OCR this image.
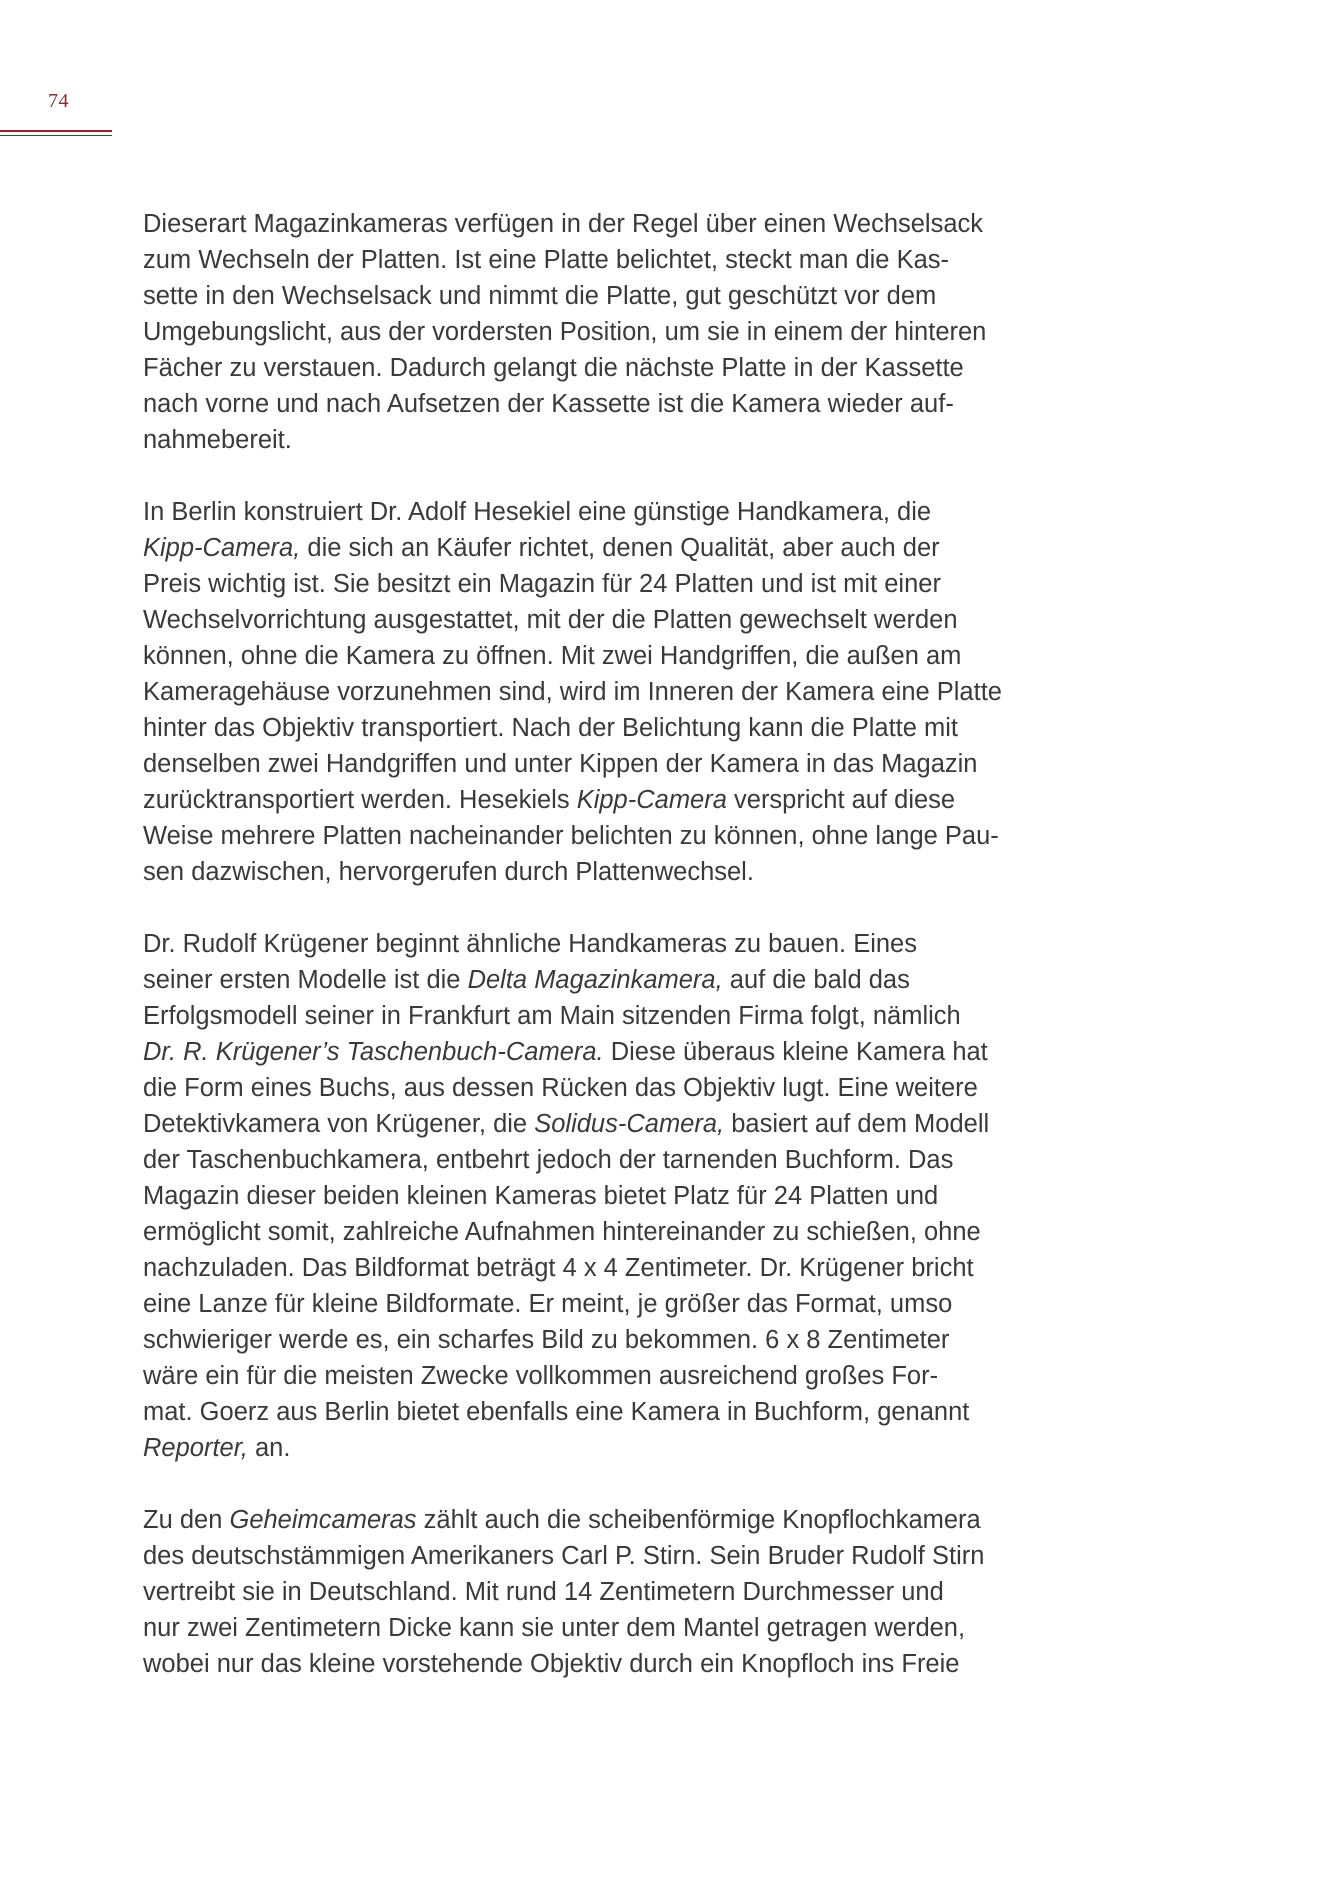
74
Dieserart Magazinkameras verfügen in der Regel über einen Wechselsack
zum Wechseln der Platten. Ist eine Platte belichtet, steckt man die Kas-
sette in den Wechselsack und nimmt die Platte, gut geschützt vor dem
Umgebungslicht, aus der vordersten Position, um sie in einem der hinteren
Fächer zu verstauen. Dadurch gelangt die nächste Platte in der Kassette
nach vorne und nach Aufsetzen der Kassette ist die Kamera wieder auf-
nahmebereit.
In Berlin konstruiert Dr. Adolf Hesekiel eine günstige Handkamera, die
Kipp-Camera, die sich an Käufer richtet, denen Qualität, aber auch der
Preis wichtig ist. Sie besitzt ein Magazin für 24 Platten und ist mit einer
Wechselvorrichtung ausgestattet, mit der die Platten gewechselt werden
können, ohne die Kamera zu öffnen. Mit zwei Handgriffen, die außen am
Kameragehäuse vorzunehmen sind, wird im Inneren der Kamera eine Platte
hinter das Objektiv transportiert. Nach der Belichtung kann die Platte mit
denselben zwei Handgriffen und unter Kippen der Kamera in das Magazin
zurücktransportiert werden. Hesekiels Kipp-Camera verspricht auf diese
Weise mehrere Platten nacheinander belichten zu können, ohne lange Pau-
sen dazwischen, hervorgerufen durch Plattenwechsel.
Dr. Rudolf Krügener beginnt ähnliche Handkameras zu bauen. Eines
seiner ersten Modelle ist die Delta Magazinkamera, auf die bald das
Erfolgsmodell seiner in Frankfurt am Main sitzenden Firma folgt, nämlich
Dr. R. Krügener’s Taschenbuch-Camera. Diese überaus kleine Kamera hat
die Form eines Buchs, aus dessen Rücken das Objektiv lugt. Eine weitere
Detektivkamera von Krügener, die Solidus-Camera, basiert auf dem Modell
der Taschenbuchkamera, entbehrt jedoch der tarnenden Buchform. Das
Magazin dieser beiden kleinen Kameras bietet Platz für 24 Platten und
ermöglicht somit, zahlreiche Aufnahmen hintereinander zu schießen, ohne
nachzuladen. Das Bildformat beträgt 4 x 4 Zentimeter. Dr. Krügener bricht
eine Lanze für kleine Bildformate. Er meint, je größer das Format, umso
schwieriger werde es, ein scharfes Bild zu bekommen. 6 x 8 Zentimeter
wäre ein für die meisten Zwecke vollkommen ausreichend großes For-
mat. Goerz aus Berlin bietet ebenfalls eine Kamera in Buchform, genannt
Reporter, an.
Zu den Geheimcameras zählt auch die scheibenförmige Knopflochkamera
des deutschstämmigen Amerikaners Carl P. Stirn. Sein Bruder Rudolf Stirn
vertreibt sie in Deutschland. Mit rund 14 Zentimetern Durchmesser und
nur zwei Zentimetern Dicke kann sie unter dem Mantel getragen werden,
wobei nur das kleine vorstehende Objektiv durch ein Knopfloch ins Freie
